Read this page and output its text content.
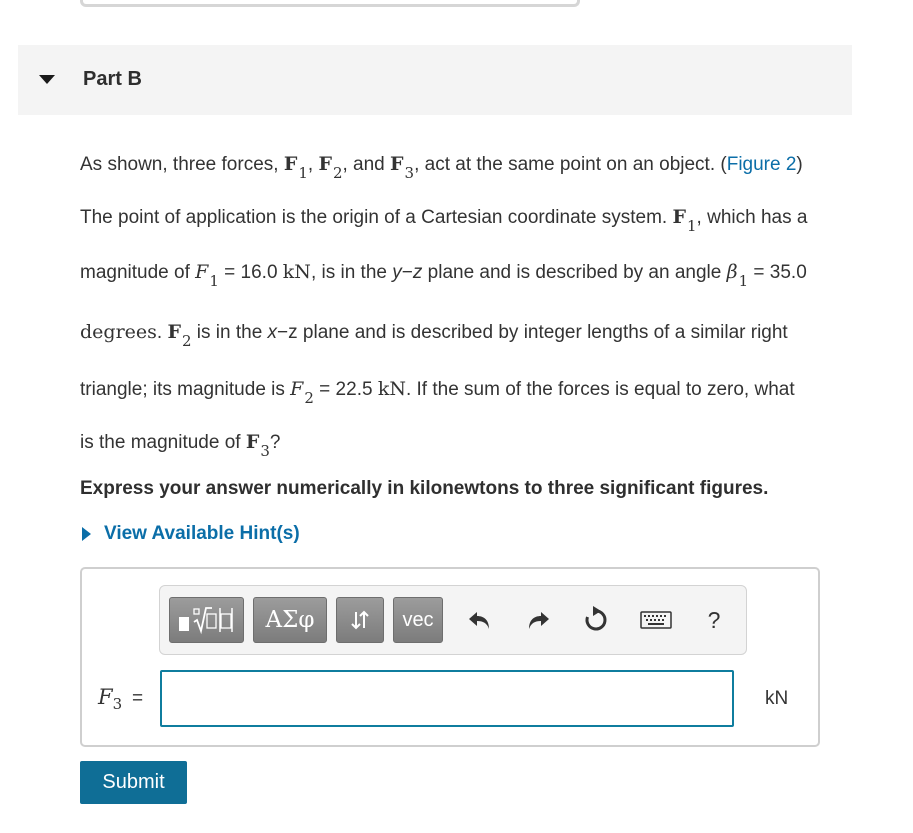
Part B
As shown, three forces, $F_1$, $F_2$, and $F_3$, act at the same point on an object. (Figure 2)
The point of application is the origin of a Cartesian coordinate system. $F_1$, which has a
magnitude of $F_1 = 16.0$ kN, is in the y−z plane and is described by an angle $\beta_1 = 35.0$
degrees. $F_2$ is in the x−z plane and is described by integer lengths of a similar right
triangle; its magnitude is $F_2 = 22.5$ kN. If the sum of the forces is equal to zero, what
is the magnitude of $F_3$?
Express your answer numerically in kilonewtons to three significant figures.
View Available Hint(s)
ΑΣφ	vec	?
$F_3$ =	kN
Submit
